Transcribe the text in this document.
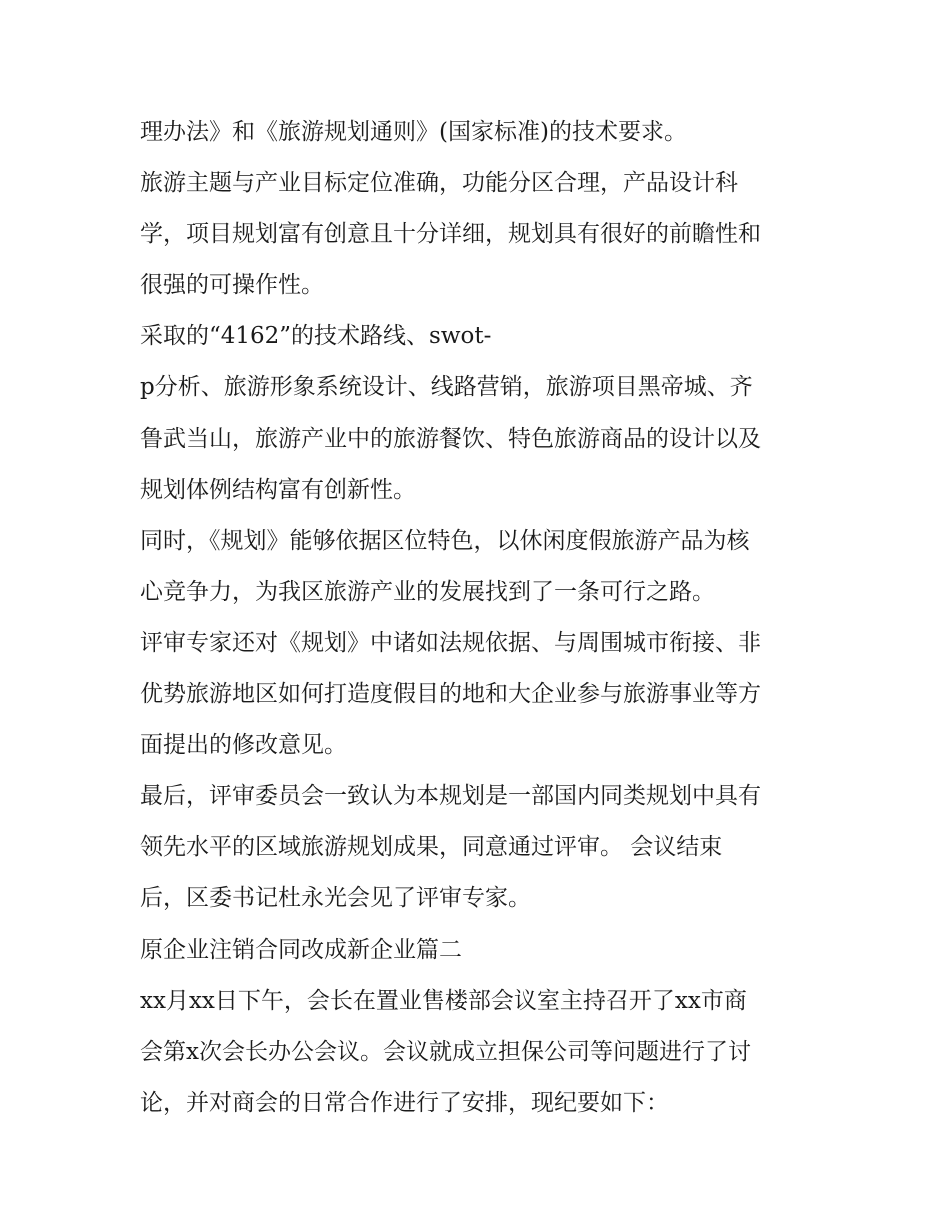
理办法》和《旅游规划通则》(国家标准)的技术要求。
旅游主题与产业目标定位准确，功能分区合理，产品设计科
学，项目规划富有创意且十分详细，规划具有很好的前瞻性和
很强的可操作性。
采取的“4162”的技术路线、swot-
p分析、旅游形象系统设计、线路营销，旅游项目黑帝城、齐
鲁武当山，旅游产业中的旅游餐饮、特色旅游商品的设计以及
规划体例结构富有创新性。
同时，《规划》能够依据区位特色，以休闲度假旅游产品为核
心竞争力，为我区旅游产业的发展找到了一条可行之路。
评审专家还对《规划》中诸如法规依据、与周围城市衔接、非
优势旅游地区如何打造度假目的地和大企业参与旅游事业等方
面提出的修改意见。
最后，评审委员会一致认为本规划是一部国内同类规划中具有
领先水平的区域旅游规划成果，同意通过评审。 会议结束
后，区委书记杜永光会见了评审专家。
原企业注销合同改成新企业篇二
xx月xx日下午，会长在置业售楼部会议室主持召开了xx市商
会第x次会长办公会议。会议就成立担保公司等问题进行了讨
论，并对商会的日常合作进行了安排，现纪要如下：
